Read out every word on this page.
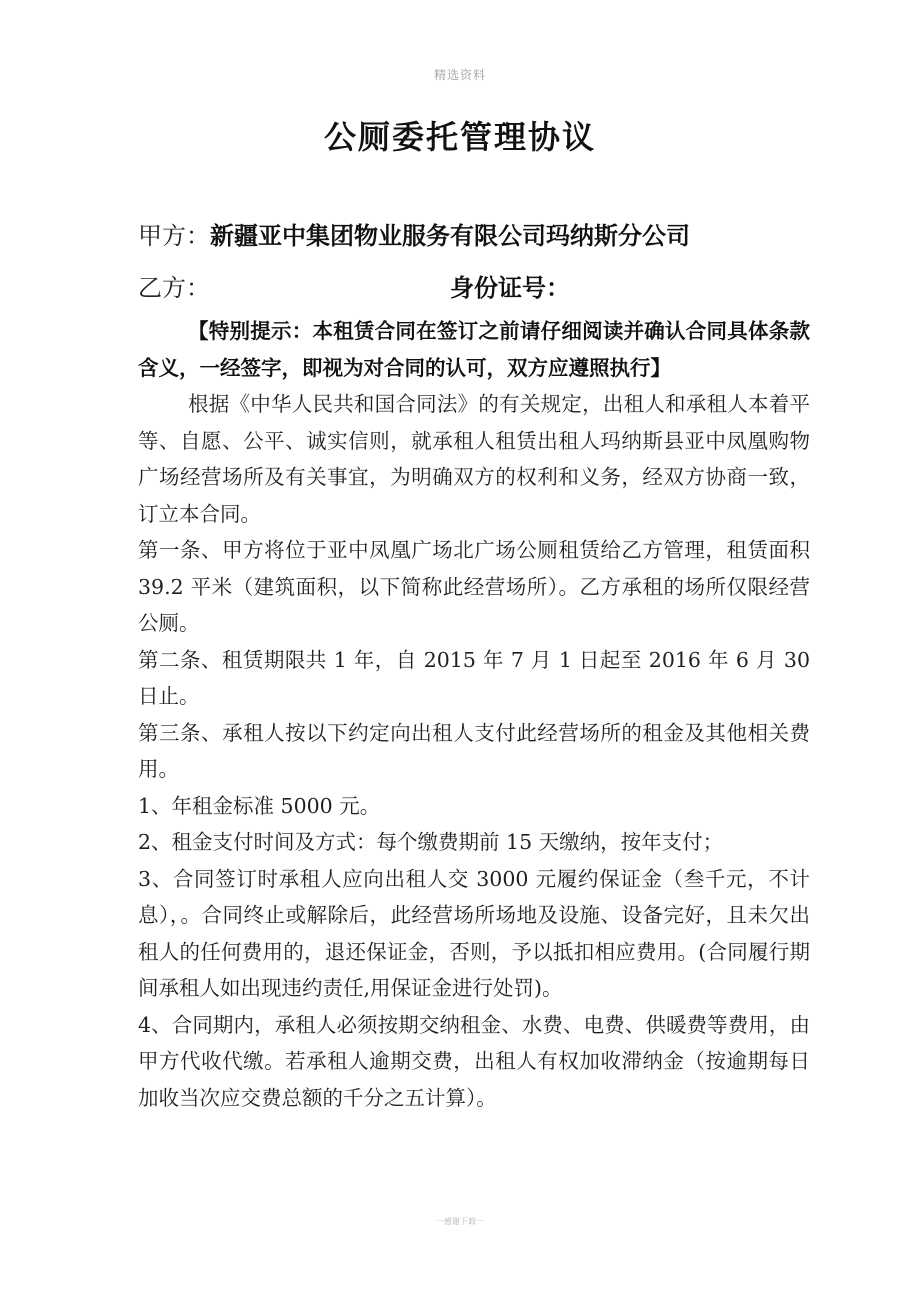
精选资料
公厕委托管理协议
甲方：新疆亚中集团物业服务有限公司玛纳斯分公司
乙方：	身份证号：

【特别提示：本租赁合同在签订之前请仔细阅读并确认合同具体条款含义，一经签字，即视为对合同的认可，双方应遵照执行】

根据《中华人民共和国合同法》的有关规定，出租人和承租人本着平等、自愿、公平、诚实信则，就承租人租赁出租人玛纳斯县亚中凤凰购物广场经营场所及有关事宜，为明确双方的权利和义务，经双方协商一致，订立本合同。

第一条、甲方将位于亚中凤凰广场北广场公厕租赁给乙方管理，租赁面积 39.2 平米（建筑面积，以下简称此经营场所）。乙方承租的场所仅限经营公厕。

第二条、租赁期限共 1 年，自 2015 年 7 月 1 日起至 2016 年 6 月 30 日止。

第三条、承租人按以下约定向出租人支付此经营场所的租金及其他相关费用。

1、年租金标准 5000 元。

2、租金支付时间及方式：每个缴费期前 15 天缴纳，按年支付；

3、合同签订时承租人应向出租人交 3000 元履约保证金（叁千元，不计息），。合同终止或解除后，此经营场所场地及设施、设备完好，且未欠出租人的任何费用的，退还保证金，否则，予以抵扣相应费用。(合同履行期间承租人如出现违约责任,用保证金进行处罚)。

4、合同期内，承租人必须按期交纳租金、水费、电费、供暖费等费用，由甲方代收代缴。若承租人逾期交费，出租人有权加收滞纳金（按逾期每日加收当次应交费总额的千分之五计算）。

一感谢下载一
